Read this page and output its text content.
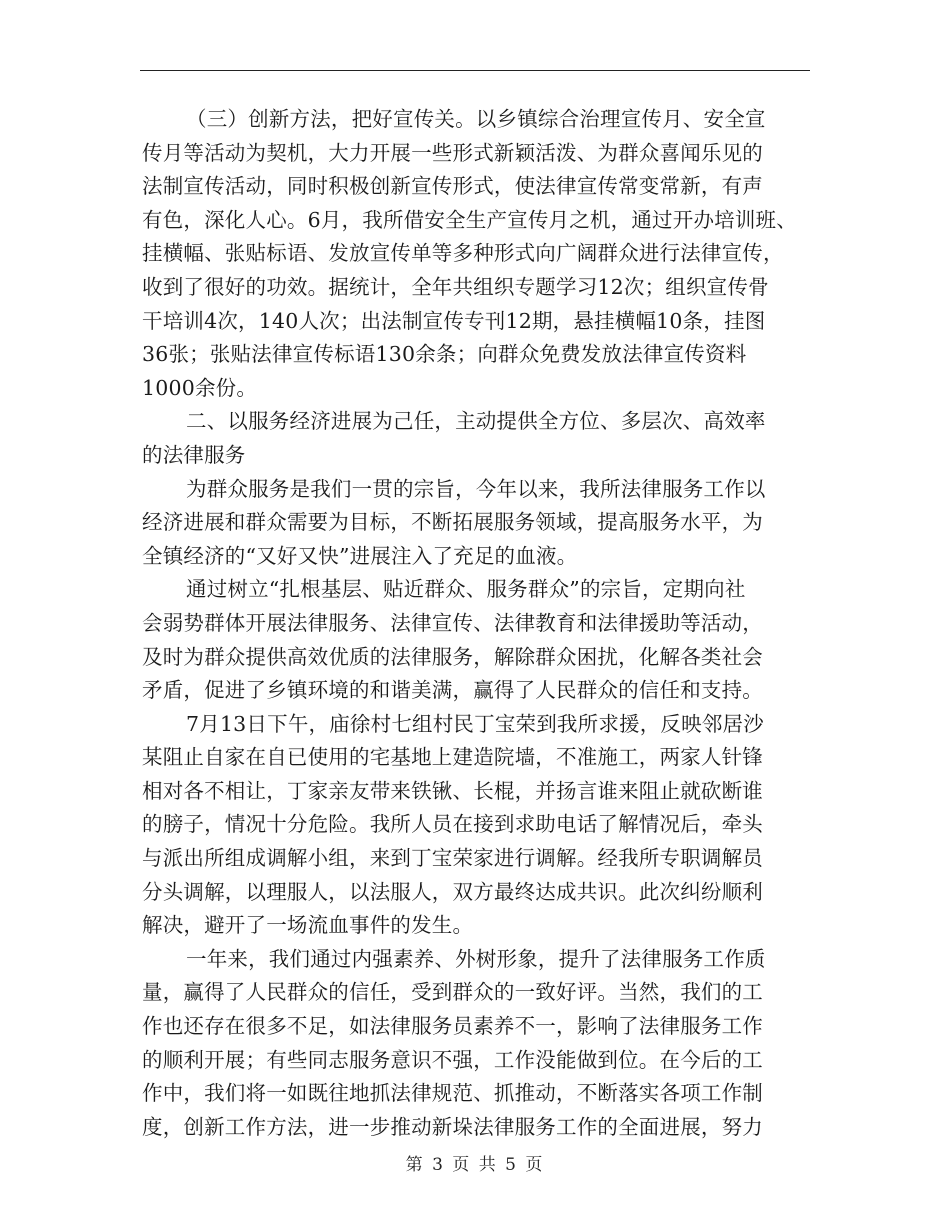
（三）创新方法，把好宣传关。以乡镇综合治理宣传月、安全宣
传月等活动为契机，大力开展一些形式新颖活泼、为群众喜闻乐见的
法制宣传活动，同时积极创新宣传形式，使法律宣传常变常新，有声
有色，深化人心。6月，我所借安全生产宣传月之机，通过开办培训班、
挂横幅、张贴标语、发放宣传单等多种形式向广阔群众进行法律宣传，
收到了很好的功效。据统计，全年共组织专题学习12次；组织宣传骨
干培训4次，140人次；出法制宣传专刊12期，悬挂横幅10条，挂图
36张；张贴法律宣传标语130余条；向群众免费发放法律宣传资料
1000余份。
二、以服务经济进展为己任，主动提供全方位、多层次、高效率
的法律服务
为群众服务是我们一贯的宗旨，今年以来，我所法律服务工作以
经济进展和群众需要为目标，不断拓展服务领域，提高服务水平，为
全镇经济的“又好又快”进展注入了充足的血液。
通过树立“扎根基层、贴近群众、服务群众”的宗旨，定期向社
会弱势群体开展法律服务、法律宣传、法律教育和法律援助等活动，
及时为群众提供高效优质的法律服务，解除群众困扰，化解各类社会
矛盾，促进了乡镇环境的和谐美满，赢得了人民群众的信任和支持。
7月13日下午，庙徐村七组村民丁宝荣到我所求援，反映邻居沙
某阻止自家在自已使用的宅基地上建造院墙，不准施工，两家人针锋
相对各不相让，丁家亲友带来铁锹、长棍，并扬言谁来阻止就砍断谁
的膀子，情况十分危险。我所人员在接到求助电话了解情况后，牵头
与派出所组成调解小组，来到丁宝荣家进行调解。经我所专职调解员
分头调解，以理服人，以法服人，双方最终达成共识。此次纠纷顺利
解决，避开了一场流血事件的发生。
一年来，我们通过内强素养、外树形象，提升了法律服务工作质
量，赢得了人民群众的信任，受到群众的一致好评。当然，我们的工
作也还存在很多不足，如法律服务员素养不一，影响了法律服务工作
的顺利开展；有些同志服务意识不强，工作没能做到位。在今后的工
作中，我们将一如既往地抓法律规范、抓推动，不断落实各项工作制
度，创新工作方法，进一步推动新垛法律服务工作的全面进展，努力
第 3 页 共 5 页
